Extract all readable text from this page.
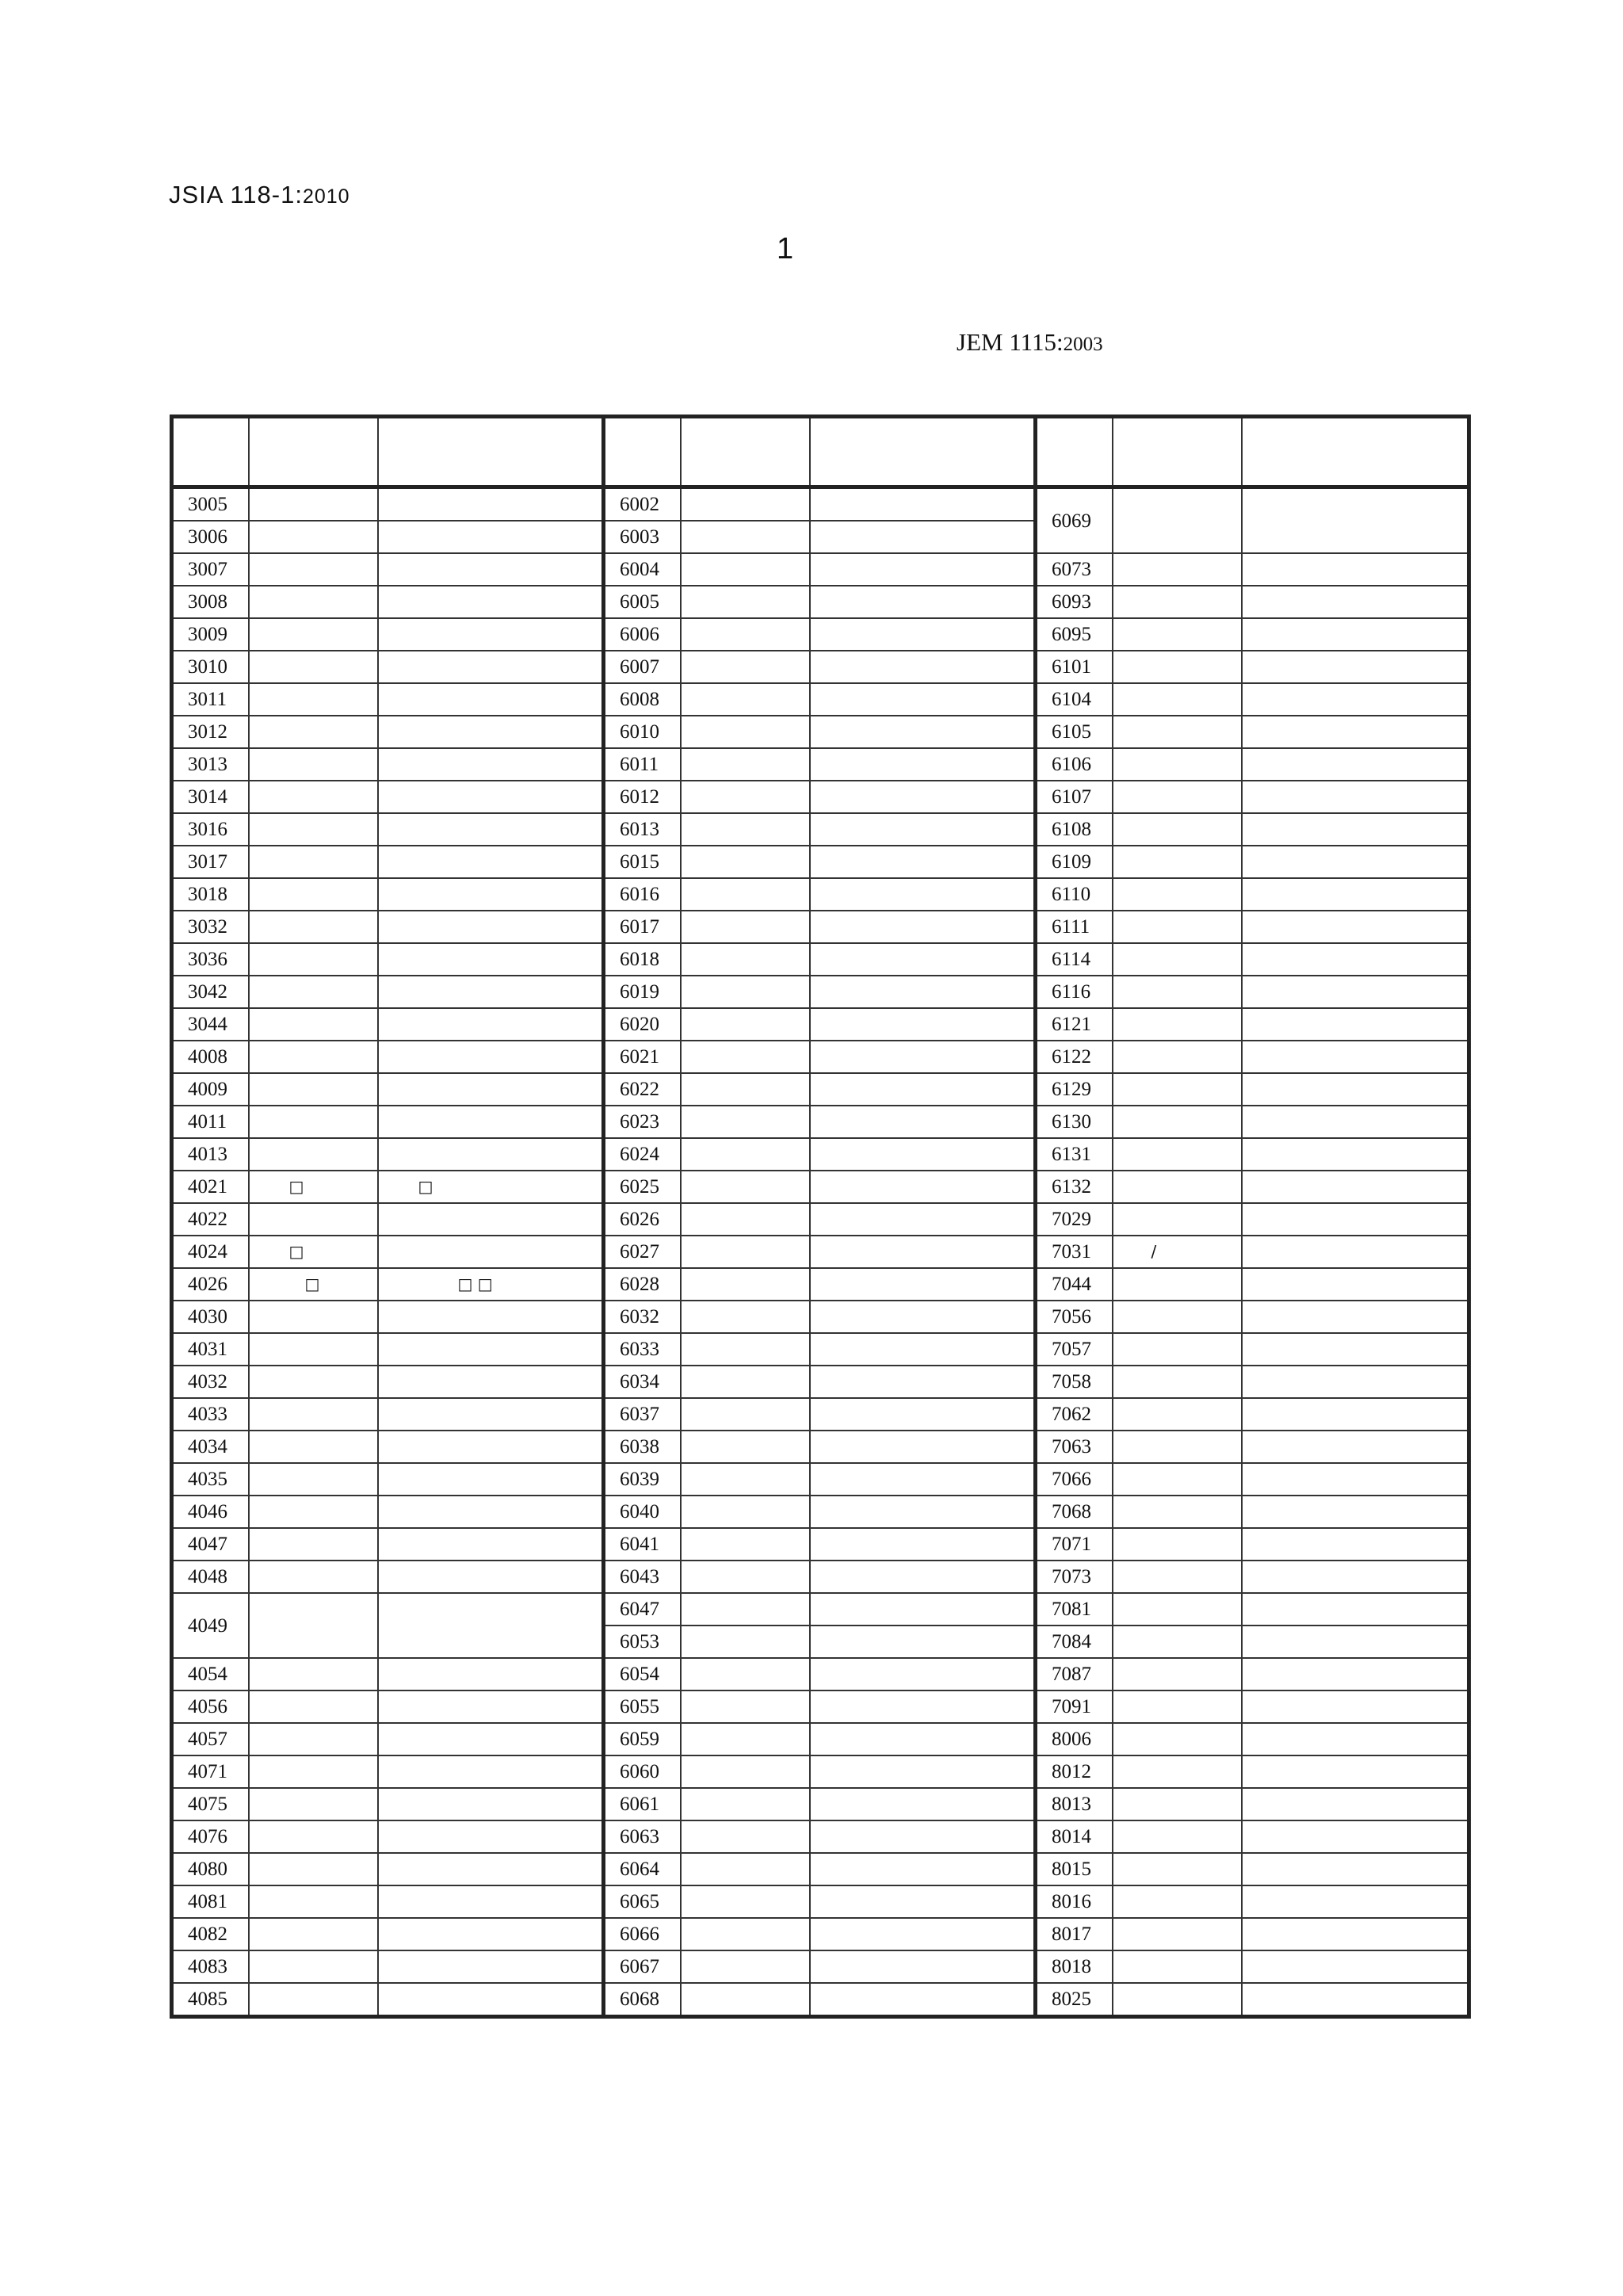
JSIA 118-1:2010
1
JEM 1115:2003

3005			6002			6069		
3006			6003					
3007			6004			6073		
3008			6005			6093		
3009			6006			6095		
3010			6007			6101		
3011			6008			6104		
3012			6010			6105		
3013			6011			6106		
3014			6012			6107		
3016			6013			6108		
3017			6015			6109		
3018			6016			6110		
3032			6017			6111		
3036			6018			6114		
3042			6019			6116		
3044			6020			6121		
4008			6021			6122		
4009			6022			6129		
4011			6023			6130		
4013			6024			6131		
4021	□	□	6025			6132		
4022			6026			7029		
4024	□		6027			7031	/	
4026	□	□ □	6028			7044		
4030			6032			7056		
4031			6033			7057		
4032			6034			7058		
4033			6037			7062		
4034			6038			7063		
4035			6039			7066		
4046			6040			7068		
4047			6041			7071		
4048			6043			7073		
4049			6047			7081		
			6053			7084		
4054			6054			7087		
4056			6055			7091		
4057			6059			8006		
4071			6060			8012		
4075			6061			8013		
4076			6063			8014		
4080			6064			8015		
4081			6065			8016		
4082			6066			8017		
4083			6067			8018		
4085			6068			8025		
